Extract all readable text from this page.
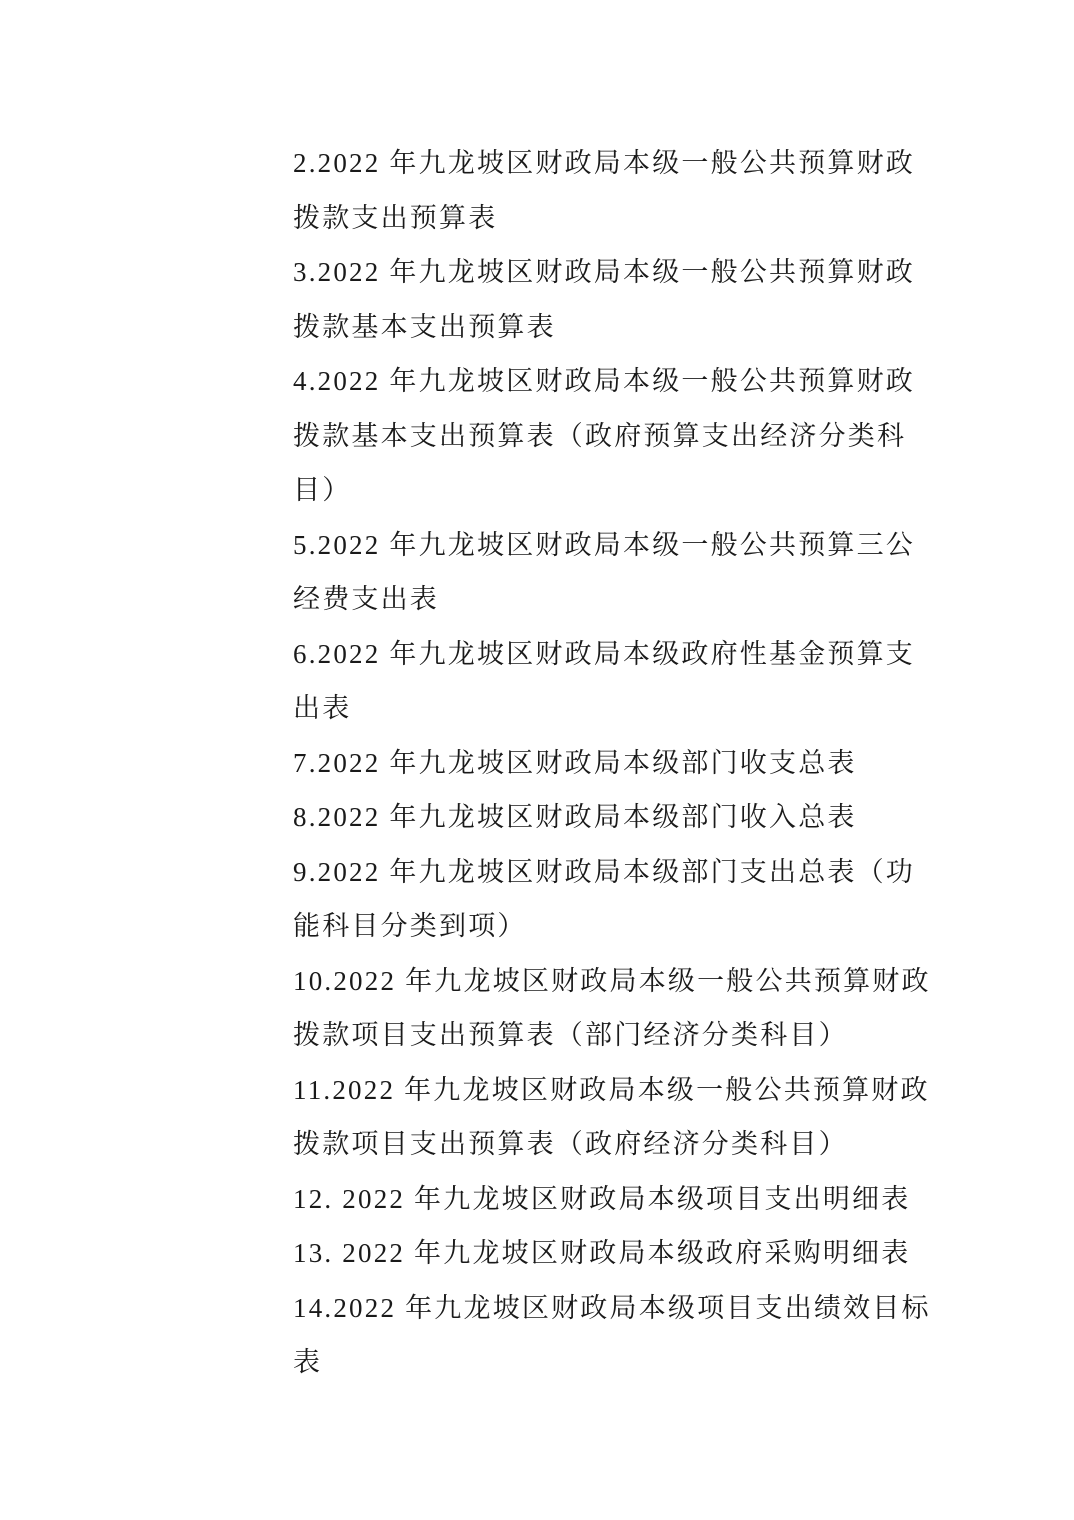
2.2022 年九龙坡区财政局本级一般公共预算财政
拨款支出预算表

3.2022 年九龙坡区财政局本级一般公共预算财政
拨款基本支出预算表

4.2022 年九龙坡区财政局本级一般公共预算财政
拨款基本支出预算表（政府预算支出经济分类科
目）

5.2022 年九龙坡区财政局本级一般公共预算三公
经费支出表

6.2022 年九龙坡区财政局本级政府性基金预算支
出表

7.2022 年九龙坡区财政局本级部门收支总表

8.2022 年九龙坡区财政局本级部门收入总表

9.2022 年九龙坡区财政局本级部门支出总表（功
能科目分类到项）

10.2022 年九龙坡区财政局本级一般公共预算财政
拨款项目支出预算表（部门经济分类科目）

11.2022 年九龙坡区财政局本级一般公共预算财政
拨款项目支出预算表（政府经济分类科目）

12. 2022 年九龙坡区财政局本级项目支出明细表

13. 2022 年九龙坡区财政局本级政府采购明细表

14.2022 年九龙坡区财政局本级项目支出绩效目标
表
